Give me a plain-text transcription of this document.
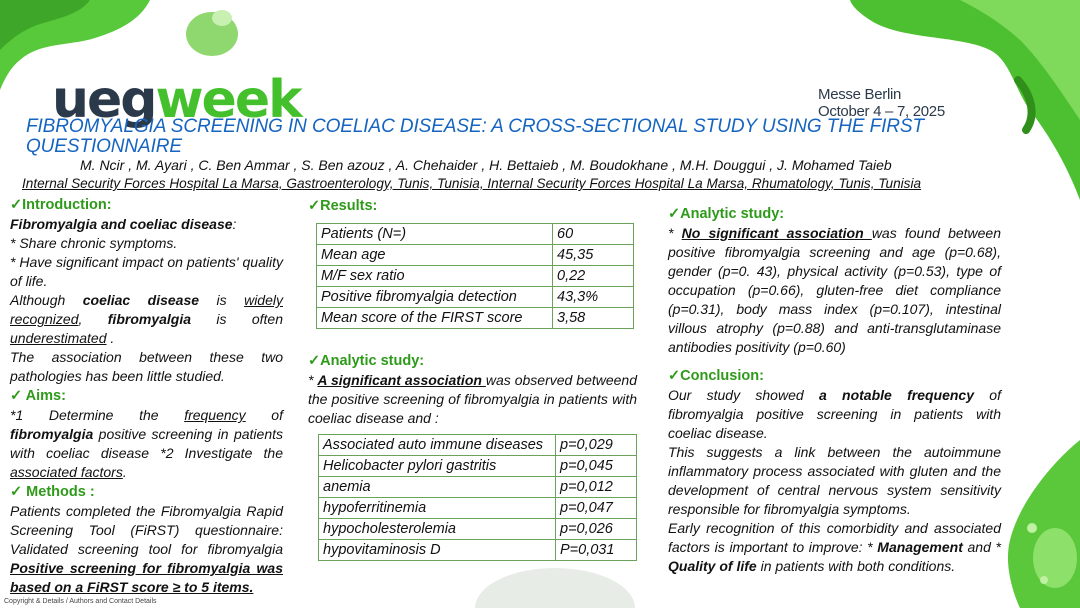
uegweek	Messe Berlin
October 4 – 7, 2025
FIBROMYALGIA SCREENING IN COELIAC DISEASE: A CROSS-SECTIONAL STUDY USING THE FIRST QUESTIONNAIRE
M. Ncir , M. Ayari , C. Ben Ammar , S. Ben azouz , A. Chehaider , H. Bettaieb , M. Boudokhane , M.H. Douggui , J. Mohamed Taieb
Internal Security Forces Hospital La Marsa, Gastroenterology, Tunis, Tunisia, Internal Security Forces Hospital La Marsa, Rhumatology, Tunis, Tunisia

✓Introduction:

Fibromyalgia and coeliac disease:

* Share chronic symptoms.

* Have significant impact on patients' quality of life.

Although coeliac disease is widely recognized, fibromyalgia is often underestimated .

The association between these two pathologies has been little studied.

✓ Aims:

*1 Determine the frequency of fibromyalgia positive screening in patients with coeliac disease *2 Investigate the associated factors.

✓ Methods :

Patients completed the Fibromyalgia Rapid Screening Tool (FiRST) questionnaire: Validated screening tool for fibromyalgia Positive screening for fibromyalgia was based on a FiRST score ≥ to 5 items.

✓Results:
Patients (N=)	60
Mean age	45,35
M/F sex ratio	0,22
Positive fibromyalgia detection	43,3%
Mean score of the FIRST score	3,58

✓Analytic study:

* A significant association was observed betweend the positive screening of fibromyalgia in patients with coeliac disease and :

Associated auto immune diseases	p=0,029
Helicobacter pylori gastritis	p=0,045
anemia	p=0,012
hypoferritinemia	p=0,047
hypocholesterolemia	p=0,026
hypovitaminosis D	P=0,031

✓Analytic study:

* No significant association was found between positive fibromyalgia screening and age (p=0.68), gender (p=0. 43), physical activity (p=0.53), type of occupation (p=0.66), gluten-free diet compliance (p=0.31), body mass index (p=0.107), intestinal villous atrophy (p=0.88) and anti-transglutaminase antibodies positivity (p=0.60)

✓Conclusion:

Our study showed a notable frequency of fibromyalgia positive screening in patients with coeliac disease.

This suggests a link between the autoimmune inflammatory process associated with gluten and the development of central nervous system sensitivity responsible for fibromyalgia symptoms.

Early recognition of this comorbidity and associated factors is important to improve: * Management and * Quality of life in patients with both conditions.

Copyright & Details / Authors and Contact Details
